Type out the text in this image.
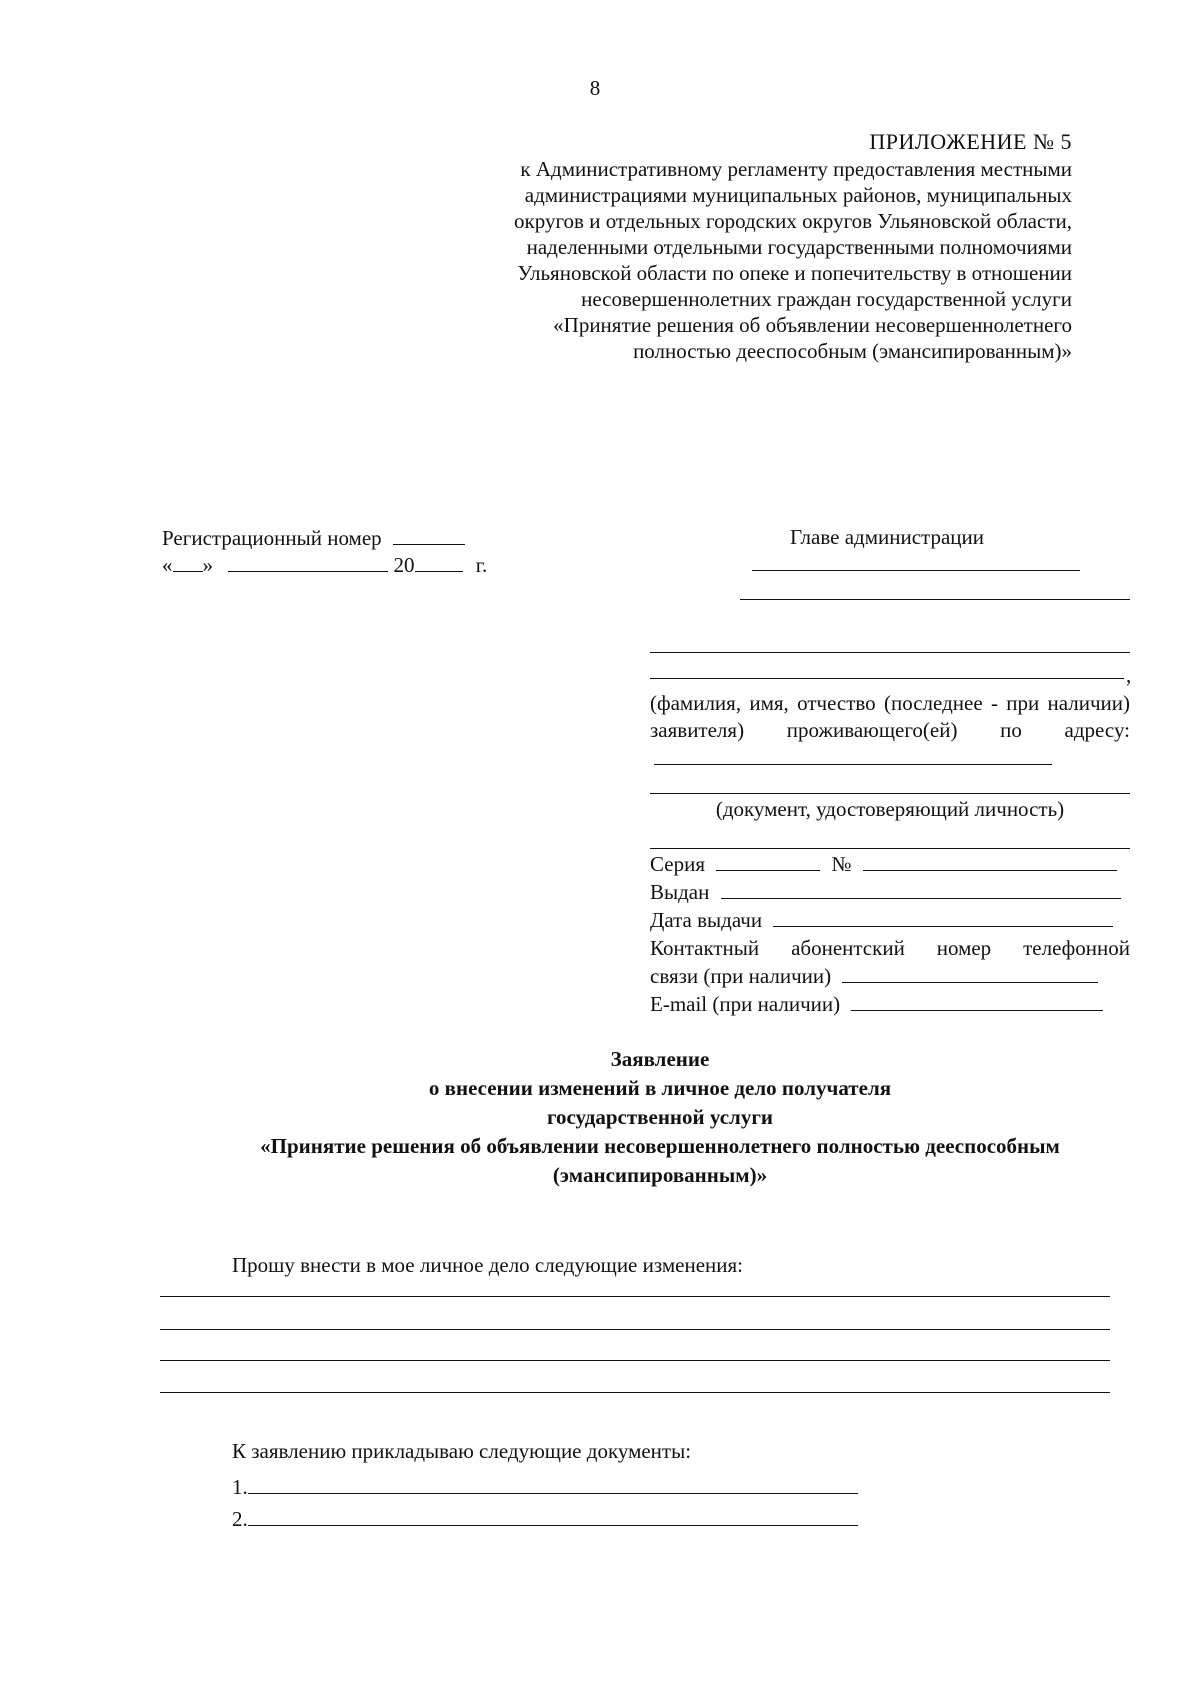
8
ПРИЛОЖЕНИЕ № 5
к Административному регламенту предоставления местными администрациями муниципальных районов, муниципальных округов и отдельных городских округов Ульяновской области, наделенными отдельными государственными полномочиями Ульяновской области по опеке и попечительству в отношении несовершеннолетних граждан государственной услуги «Принятие решения об объявлении несовершеннолетнего полностью дееспособным (эмансипированным)»
Регистрационный номер
« »	20	г.
Главе администрации
,
(фамилия, имя, отчество (последнее - при наличии) заявителя) проживающего(ей) по адресу:
(документ, удостоверяющий личность)
Серия	№
Выдан
Дата выдачи
Контактный абонентский номер телефонной
связи (при наличии)
E-mail (при наличии)
Заявление
о внесении изменений в личное дело получателя
государственной услуги
«Принятие решения об объявлении несовершеннолетнего полностью дееспособным
(эмансипированным)»
Прошу внести в мое личное дело следующие изменения:
К заявлению прикладываю следующие документы:
1.
2.
